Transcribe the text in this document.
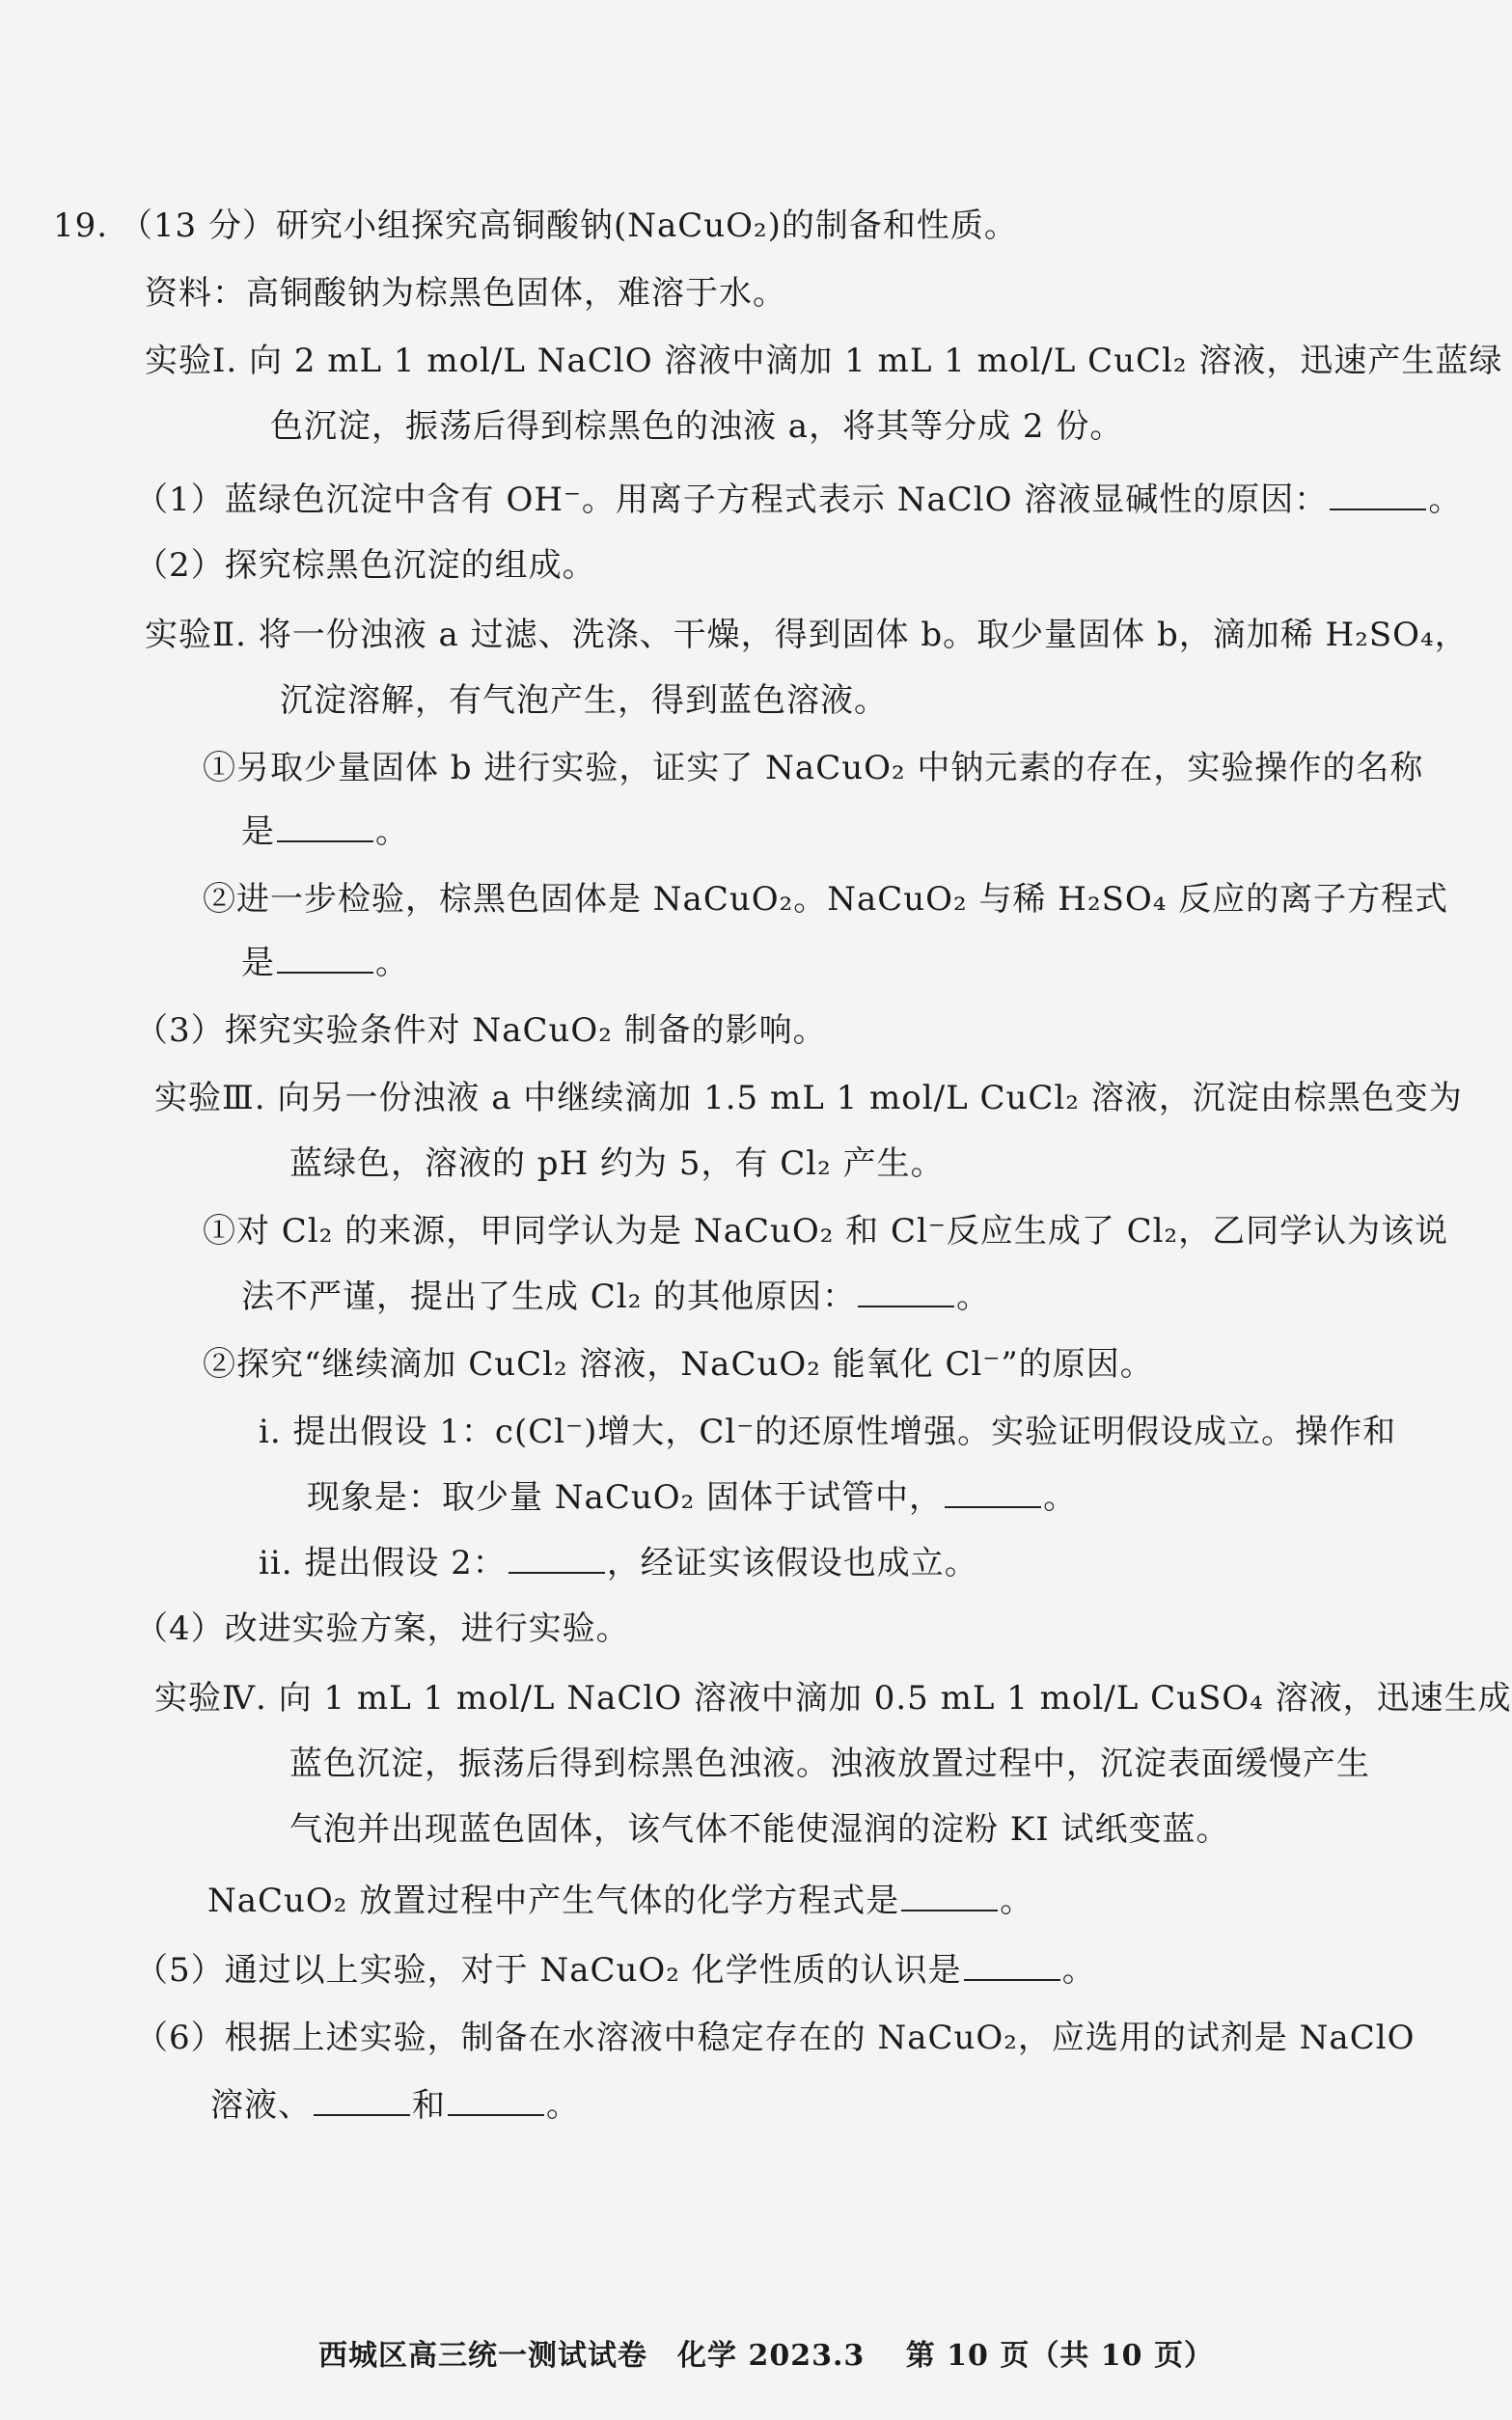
19. （13 分）研究小组探究高铜酸钠(NaCuO₂)的制备和性质。
资料：高铜酸钠为棕黑色固体，难溶于水。
实验Ⅰ. 向 2 mL 1 mol/L NaClO 溶液中滴加 1 mL 1 mol/L CuCl₂ 溶液，迅速产生蓝绿
色沉淀，振荡后得到棕黑色的浊液 a，将其等分成 2 份。
（1）蓝绿色沉淀中含有 OH⁻。用离子方程式表示 NaClO 溶液显碱性的原因：	。
（2）探究棕黑色沉淀的组成。
实验Ⅱ. 将一份浊液 a 过滤、洗涤、干燥，得到固体 b。取少量固体 b，滴加稀 H₂SO₄，
沉淀溶解，有气泡产生，得到蓝色溶液。
①另取少量固体 b 进行实验，证实了 NaCuO₂ 中钠元素的存在，实验操作的名称
是	。
②进一步检验，棕黑色固体是 NaCuO₂。NaCuO₂ 与稀 H₂SO₄ 反应的离子方程式
是	。
（3）探究实验条件对 NaCuO₂ 制备的影响。
实验Ⅲ. 向另一份浊液 a 中继续滴加 1.5 mL 1 mol/L CuCl₂ 溶液，沉淀由棕黑色变为
蓝绿色，溶液的 pH 约为 5，有 Cl₂ 产生。
①对 Cl₂ 的来源，甲同学认为是 NaCuO₂ 和 Cl⁻反应生成了 Cl₂，乙同学认为该说
法不严谨，提出了生成 Cl₂ 的其他原因：	。
②探究“继续滴加 CuCl₂ 溶液，NaCuO₂ 能氧化 Cl⁻”的原因。
i. 提出假设 1：c(Cl⁻)增大，Cl⁻的还原性增强。实验证明假设成立。操作和
现象是：取少量 NaCuO₂ 固体于试管中，	。
ii. 提出假设 2：	，经证实该假设也成立。
（4）改进实验方案，进行实验。
实验Ⅳ. 向 1 mL 1 mol/L NaClO 溶液中滴加 0.5 mL 1 mol/L CuSO₄ 溶液，迅速生成
蓝色沉淀，振荡后得到棕黑色浊液。浊液放置过程中，沉淀表面缓慢产生
气泡并出现蓝色固体，该气体不能使湿润的淀粉 KI 试纸变蓝。
NaCuO₂ 放置过程中产生气体的化学方程式是	。
（5）通过以上实验，对于 NaCuO₂ 化学性质的认识是	。
（6）根据上述实验，制备在水溶液中稳定存在的 NaCuO₂，应选用的试剂是 NaClO
溶液、	和	。
西城区高三统一测试试卷　化学 2023.3　 第 10 页（共 10 页）
